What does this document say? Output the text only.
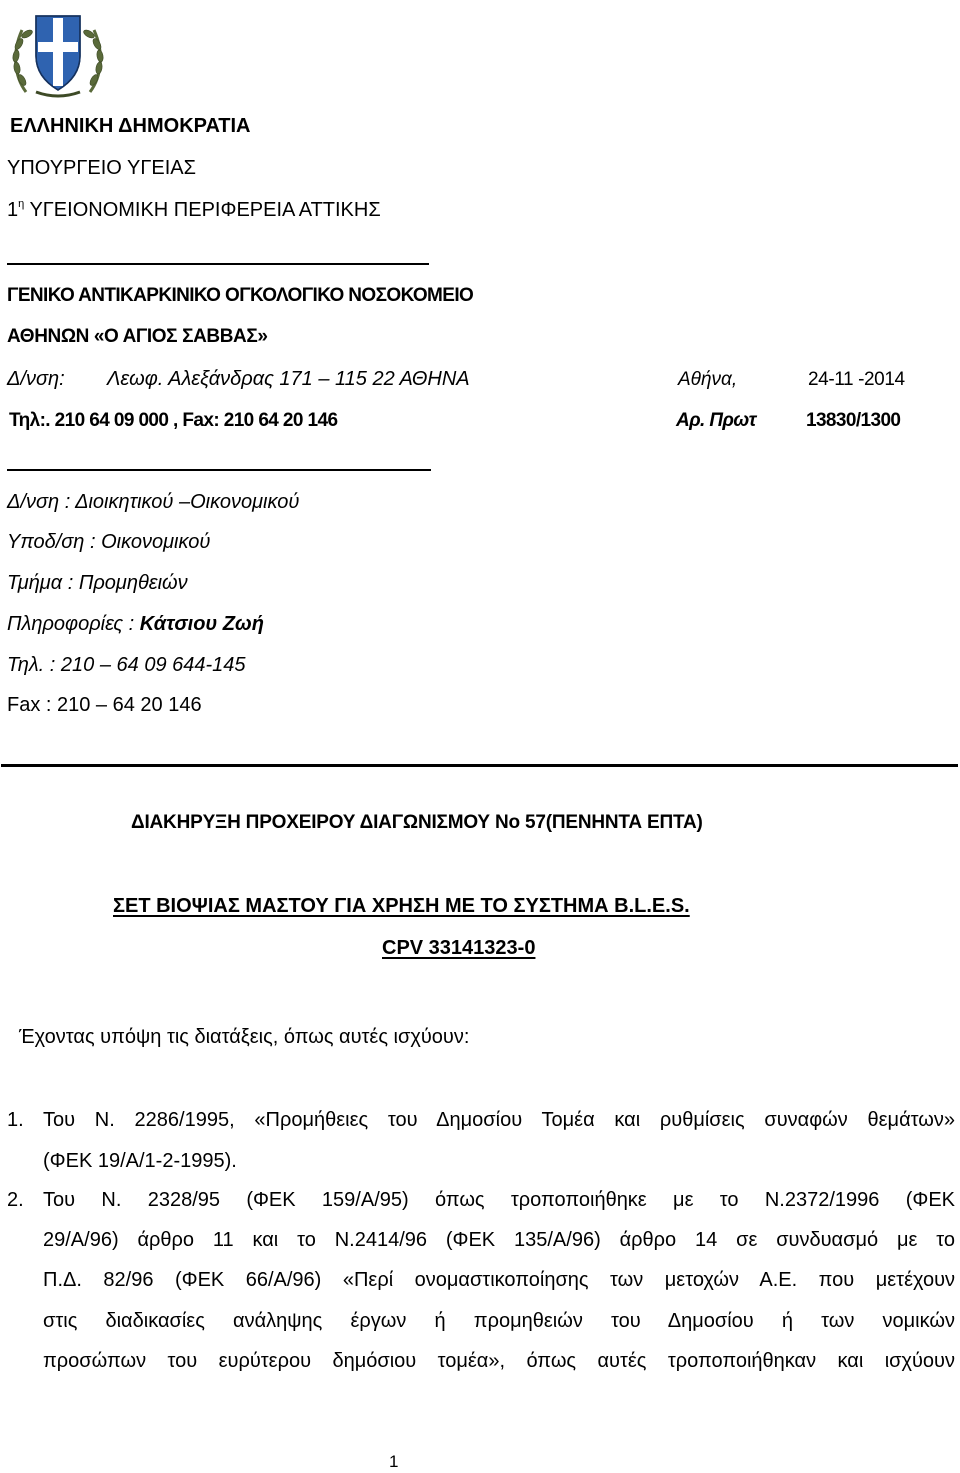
ΕΛΛΗΝΙΚΗ ΔΗΜΟΚΡΑΤΙΑ
ΥΠΟΥΡΓΕΙΟ ΥΓΕΙΑΣ
$1^\eta$ ΥΓΕΙΟΝΟΜΙΚΗ ΠΕΡΙΦΕΡΕΙΑ ΑΤΤΙΚΗΣ
ΓΕΝΙΚΟ ΑΝΤΙΚΑΡΚΙΝΙΚΟ ΟΓΚΟΛΟΓΙΚΟ ΝΟΣΟΚΟΜΕΙΟ
ΑΘΗΝΩΝ «Ο ΑΓΙΟΣ ΣΑΒΒΑΣ»
Δ/νση: Λεωφ. Αλεξάνδρας 171 – 115 22 ΑΘΗΝΑ	Αθήνα,	24-11 -2014
Τηλ:. 210 64 09 000 , Fax: 210 64 20 146	Αρ. Πρωτ	13830/1300
Δ/νση : Διοικητικού –Οικονομικού
Υποδ/ση : Οικονομικού
Τμήμα : Προμηθειών
Πληροφορίες : Κάτσιου Ζωή
Τηλ. : 210 – 64 09 644-145
Fax : 210 – 64 20 146
ΔΙΑΚΗΡΥΞΗ ΠΡΟΧΕΙΡΟΥ ΔΙΑΓΩΝΙΣΜΟΥ Νο 57(ΠΕΝΗΝΤΑ ΕΠΤΑ)
ΣΕΤ ΒΙΟΨΙΑΣ ΜΑΣΤΟΥ ΓΙΑ ΧΡΗΣΗ ΜΕ ΤΟ ΣΥΣΤΗΜΑ B.L.E.S.
CPV 33141323-0
Έχοντας υπόψη τις διατάξεις, όπως αυτές ισχύουν:
1. Του Ν. 2286/1995, «Προμήθειες του Δημοσίου Τομέα και ρυθμίσεις συναφών θεμάτων»
(ΦΕΚ 19/Α/1-2-1995).
2. Του Ν. 2328/95 (ΦΕΚ 159/Α/95) όπως τροποποιήθηκε με το Ν.2372/1996 (ΦΕΚ
29/Α/96) άρθρο 11 και το Ν.2414/96 (ΦΕΚ 135/Α/96) άρθρο 14 σε συνδυασμό με το
Π.Δ. 82/96 (ΦΕΚ 66/Α/96) «Περί ονομαστικοποίησης των μετοχών Α.Ε. που μετέχουν
στις διαδικασίες ανάληψης έργων ή προμηθειών του Δημοσίου ή των νομικών
προσώπων του ευρύτερου δημόσιου τομέα», όπως αυτές τροποποιήθηκαν και ισχύουν
1
